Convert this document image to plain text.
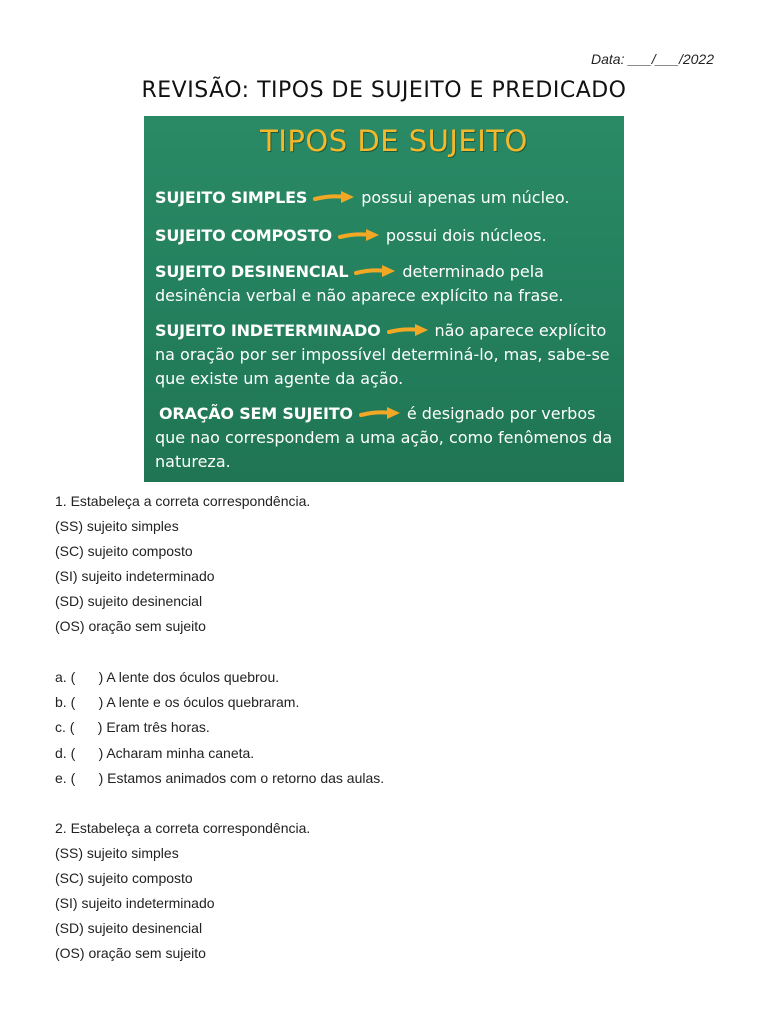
Data: ___/___/2022
REVISÃO: TIPOS DE SUJEITO E PREDICADO
TIPOS DE SUJEITO
SUJEITO SIMPLES	possui apenas um núcleo.
SUJEITO COMPOSTO	possui dois núcleos.
SUJEITO DESINENCIAL	determinado pela desinência verbal e não aparece explícito na frase.
SUJEITO INDETERMINADO	não aparece explícito na oração por ser impossível determiná-lo, mas, sabe-se que existe um agente da ação.
ORAÇÃO SEM SUJEITO	é designado por verbos que nao correspondem a uma ação, como fenômenos da natureza.
1. Estabeleça a correta correspondência.
(SS) sujeito simples
(SC) sujeito composto
(SI) sujeito indeterminado
(SD) sujeito desinencial
(OS) oração sem sujeito
a. (      ) A lente dos óculos quebrou.
b. (      ) A lente e os óculos quebraram.
c. (      ) Eram três horas.
d. (      ) Acharam minha caneta.
e. (      ) Estamos animados com o retorno das aulas.
2. Estabeleça a correta correspondência.
(SS) sujeito simples
(SC) sujeito composto
(SI) sujeito indeterminado
(SD) sujeito desinencial
(OS) oração sem sujeito
